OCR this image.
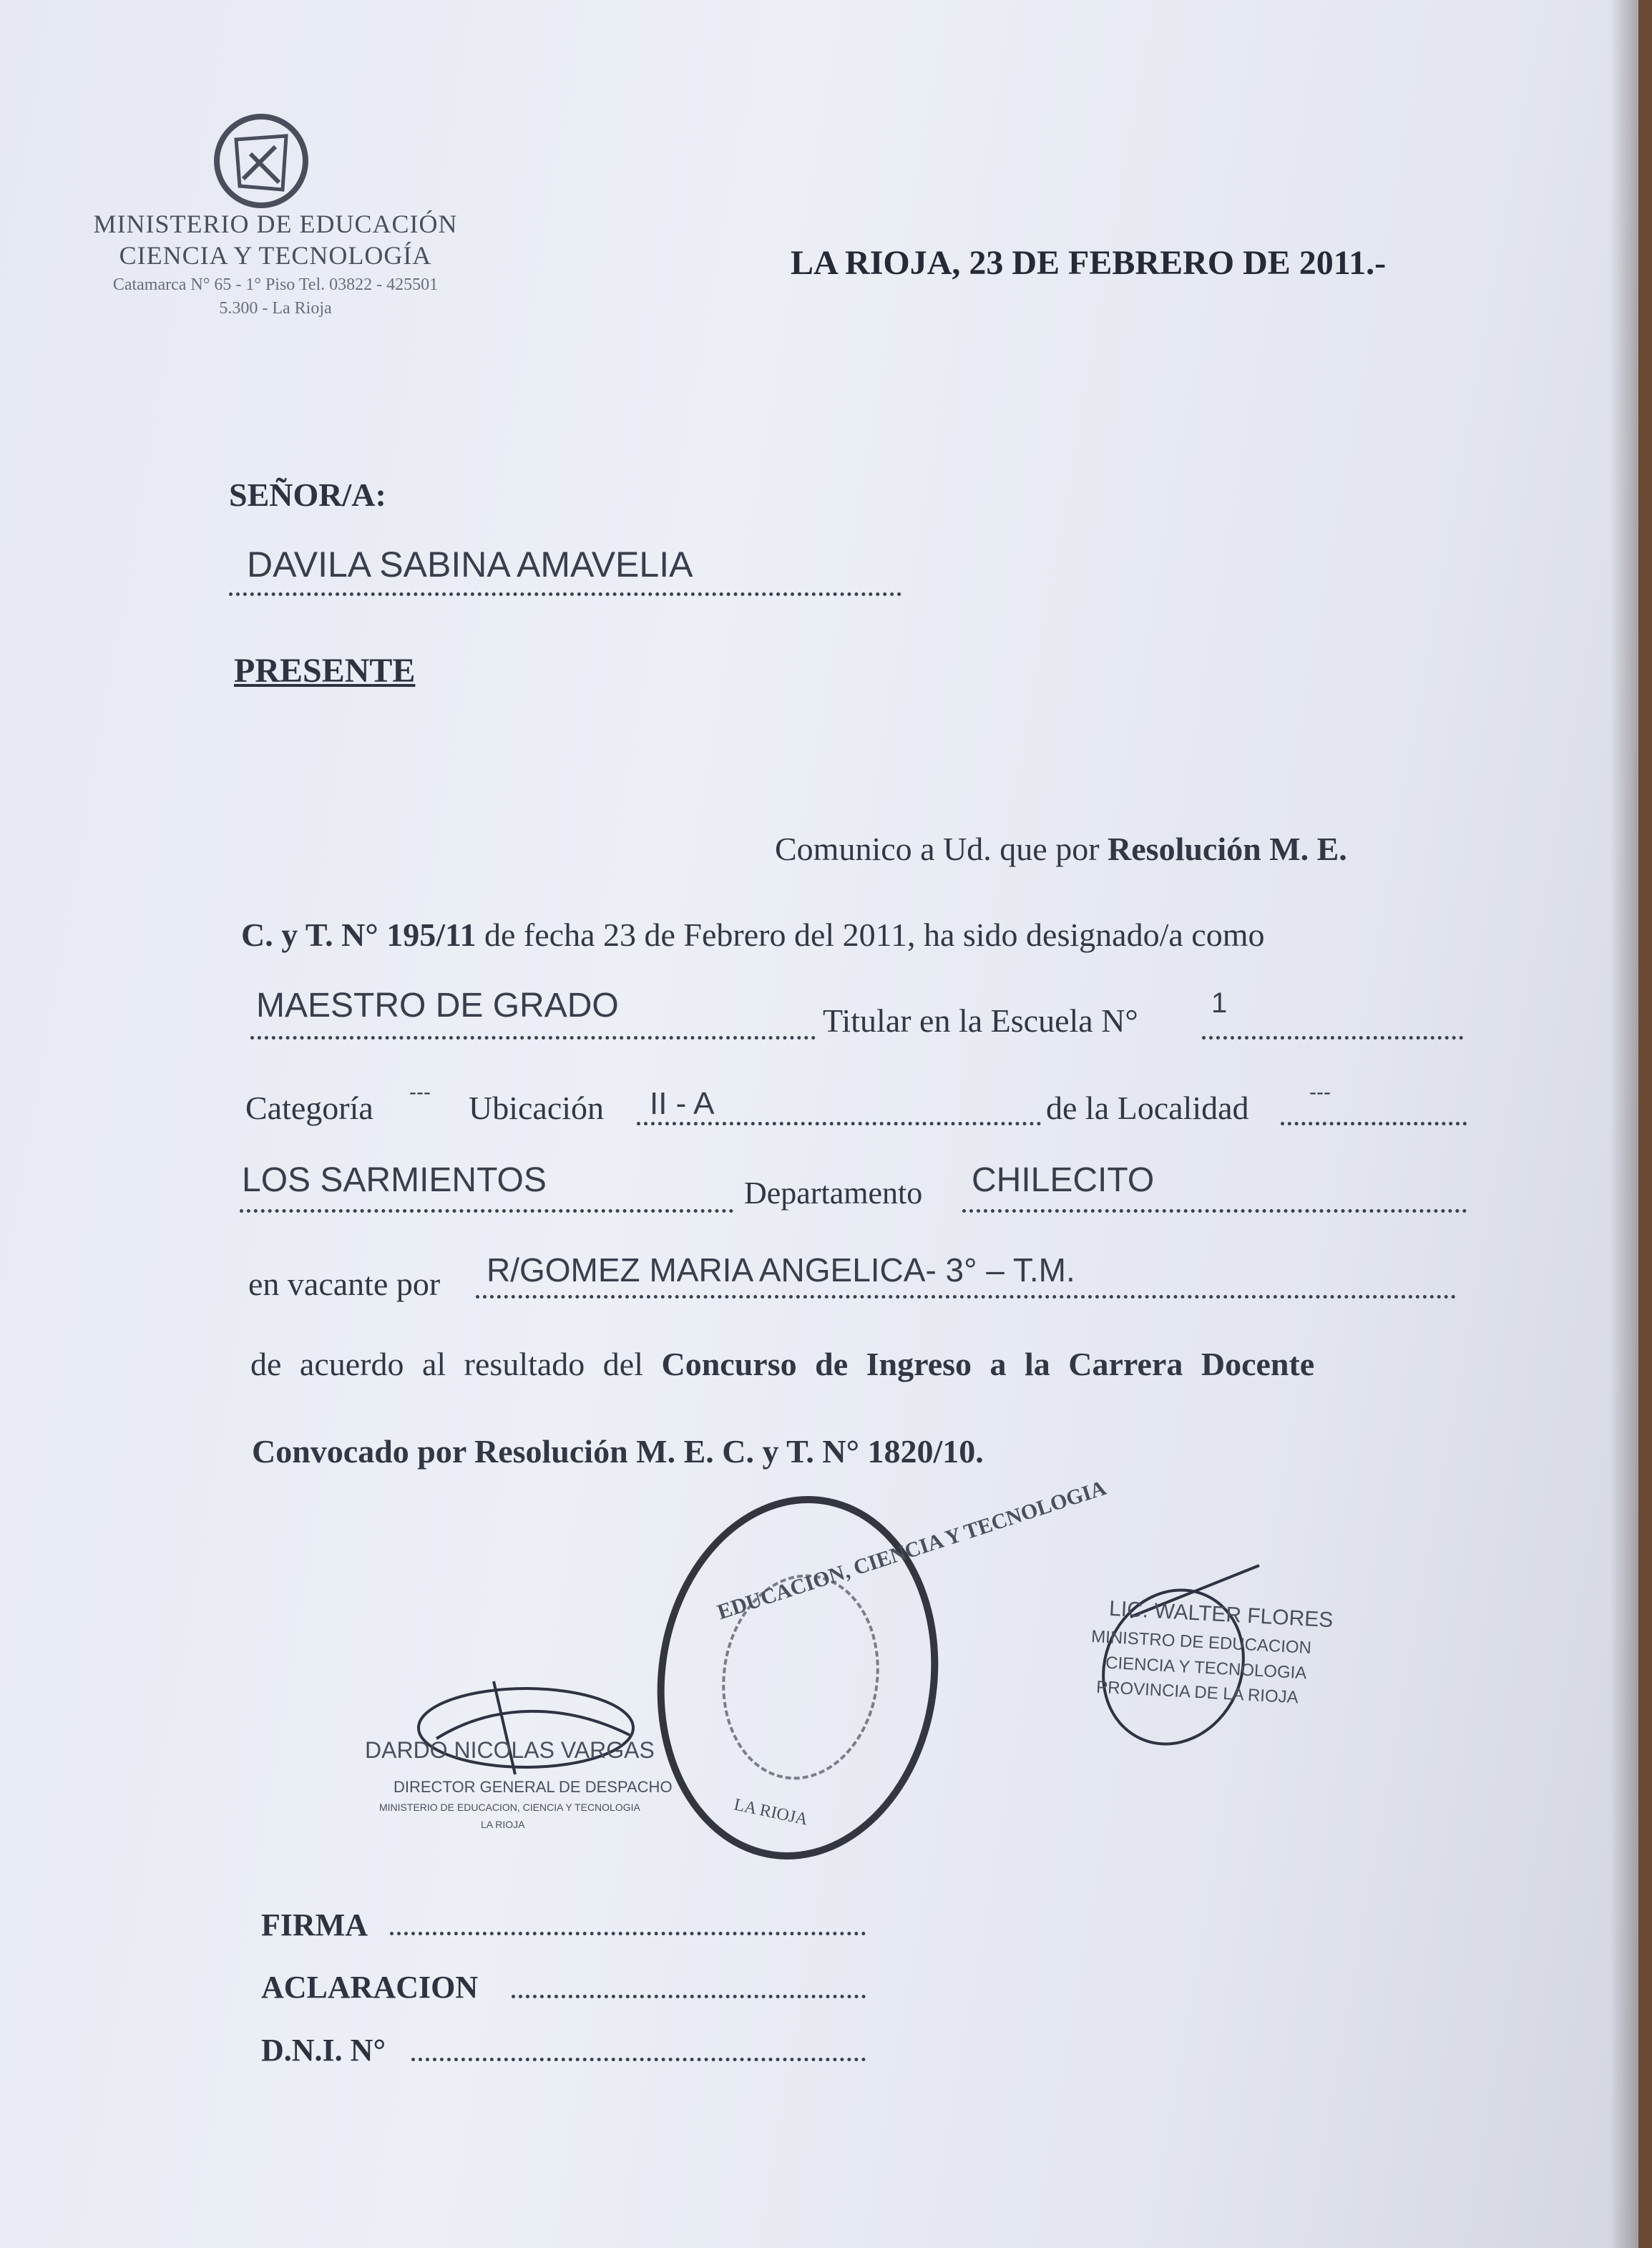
MINISTERIO DE EDUCACIÓN
CIENCIA Y TECNOLOGÍA
Catamarca N° 65 - 1° Piso Tel. 03822 - 425501
5.300 - La Rioja
LA RIOJA, 23 DE FEBRERO DE 2011.-
SEÑOR/A:
DAVILA SABINA AMAVELIA
PRESENTE
Comunico a Ud. que por Resolución M. E.
C. y T. N° 195/11 de fecha 23 de Febrero del 2011, ha sido designado/a como
MAESTRO DE GRADO	Titular en la Escuela N°	1
Categoría --- Ubicación II - A	de la Localidad	---
LOS SARMIENTOS	Departamento CHILECITO
en vacante por R/GOMEZ MARIA ANGELICA- 3° – T.M.
de acuerdo al resultado del Concurso de Ingreso a la Carrera Docente
Convocado por Resolución M. E. C. y T. N° 1820/10.
EDUCACION, CIENCIA Y TECNOLOGIA
LA RIOJA
DARDO NICOLAS VARGAS
DIRECTOR GENERAL DE DESPACHO
MINISTERIO DE EDUCACION, CIENCIA Y TECNOLOGIA
LA RIOJA
LIC. WALTER FLORES
MINISTRO DE EDUCACION
CIENCIA Y TECNOLOGIA
PROVINCIA DE LA RIOJA
FIRMA
ACLARACION
D.N.I. N°
